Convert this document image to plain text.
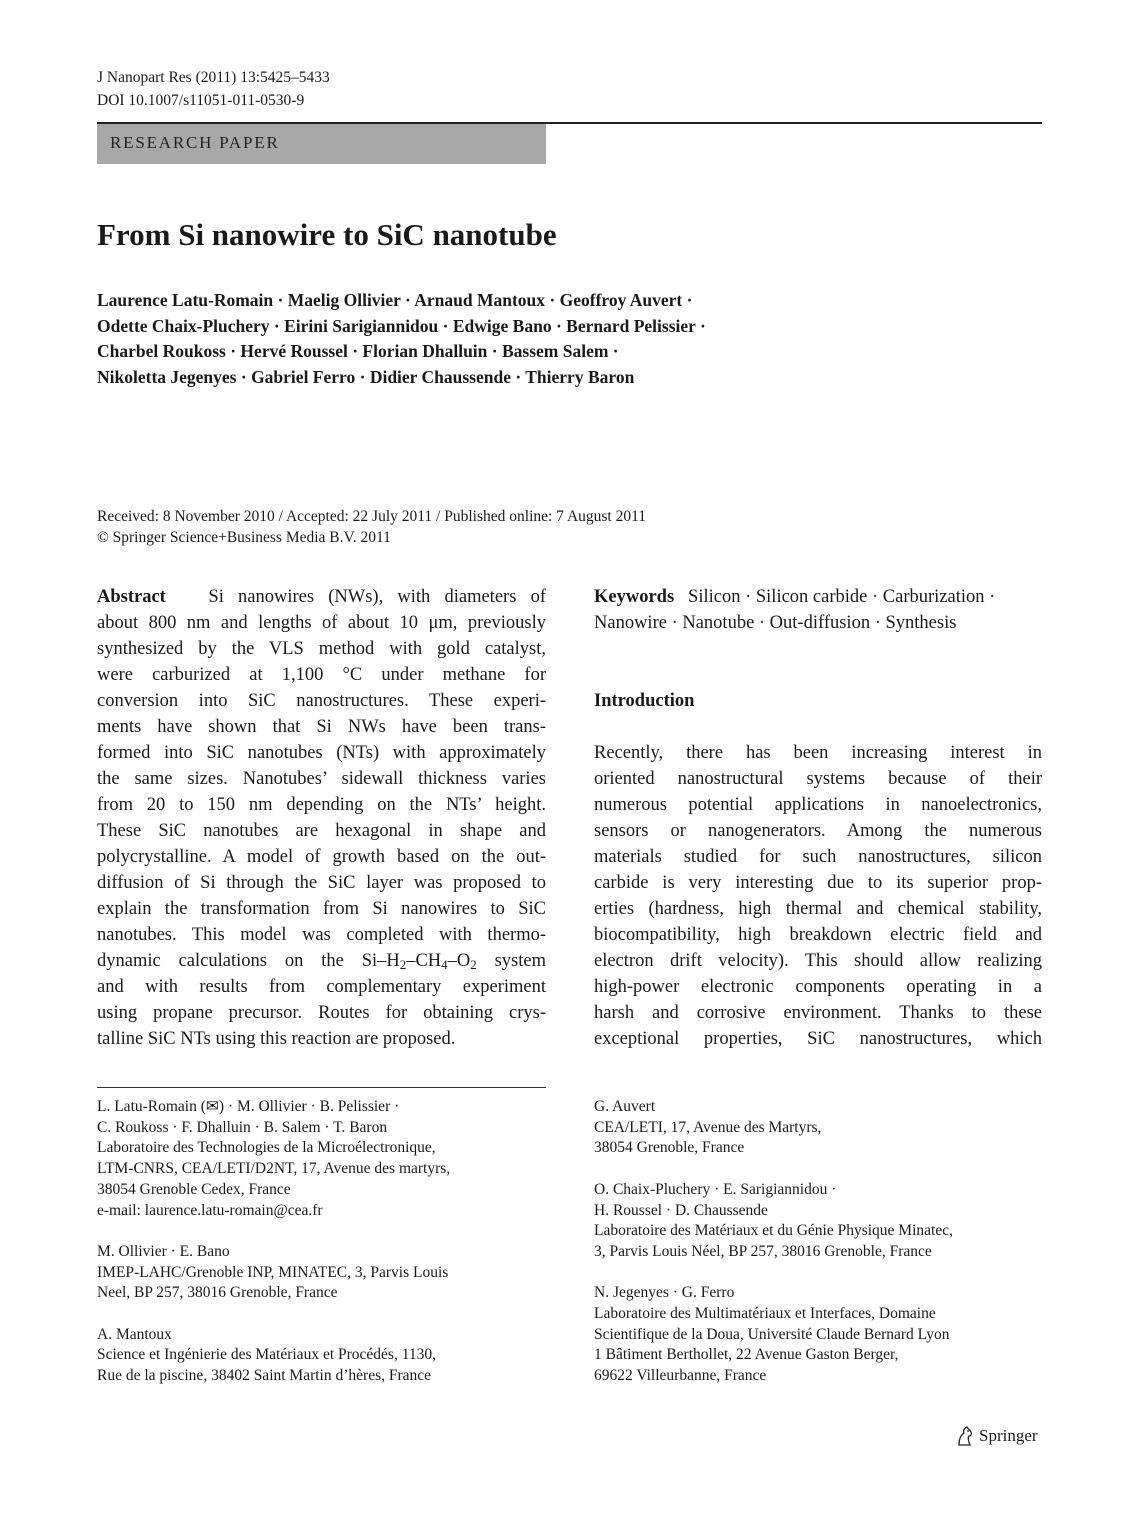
J Nanopart Res (2011) 13:5425–5433
DOI 10.1007/s11051-011-0530-9
RESEARCH PAPER
From Si nanowire to SiC nanotube
Laurence Latu-Romain · Maelig Ollivier · Arnaud Mantoux · Geoffroy Auvert ·
Odette Chaix-Pluchery · Eirini Sarigiannidou · Edwige Bano · Bernard Pelissier ·
Charbel Roukoss · Hervé Roussel · Florian Dhalluin · Bassem Salem ·
Nikoletta Jegenyes · Gabriel Ferro · Didier Chaussende · Thierry Baron
Received: 8 November 2010 / Accepted: 22 July 2011 / Published online: 7 August 2011
© Springer Science+Business Media B.V. 2011
Abstract Si nanowires (NWs), with diameters of
about 800 nm and lengths of about 10 μm, previously
synthesized by the VLS method with gold catalyst,
were carburized at 1,100 °C under methane for
conversion into SiC nanostructures. These experi-
ments have shown that Si NWs have been trans-
formed into SiC nanotubes (NTs) with approximately
the same sizes. Nanotubes’ sidewall thickness varies
from 20 to 150 nm depending on the NTs’ height.
These SiC nanotubes are hexagonal in shape and
polycrystalline. A model of growth based on the out-
diffusion of Si through the SiC layer was proposed to
explain the transformation from Si nanowires to SiC
nanotubes. This model was completed with thermo-
dynamic calculations on the $Si-H_2-CH_4-O_2$ system
and with results from complementary experiment
using propane precursor. Routes for obtaining crys-
talline SiC NTs using this reaction are proposed.
Keywords Silicon · Silicon carbide · Carburization ·
Nanowire · Nanotube · Out-diffusion · Synthesis
Introduction
Recently, there has been increasing interest in
oriented nanostructural systems because of their
numerous potential applications in nanoelectronics,
sensors or nanogenerators. Among the numerous
materials studied for such nanostructures, silicon
carbide is very interesting due to its superior prop-
erties (hardness, high thermal and chemical stability,
biocompatibility, high breakdown electric field and
electron drift velocity). This should allow realizing
high-power electronic components operating in a
harsh and corrosive environment. Thanks to these
exceptional properties, SiC nanostructures, which
L. Latu-Romain (✉) · M. Ollivier · B. Pelissier ·
C. Roukoss · F. Dhalluin · B. Salem · T. Baron
Laboratoire des Technologies de la Microélectronique,
LTM-CNRS, CEA/LETI/D2NT, 17, Avenue des martyrs,
38054 Grenoble Cedex, France
e-mail: laurence.latu-romain@cea.fr
M. Ollivier · E. Bano
IMEP-LAHC/Grenoble INP, MINATEC, 3, Parvis Louis
Neel, BP 257, 38016 Grenoble, France
A. Mantoux
Science et Ingénierie des Matériaux et Procédés, 1130,
Rue de la piscine, 38402 Saint Martin d’hères, France
G. Auvert
CEA/LETI, 17, Avenue des Martyrs,
38054 Grenoble, France
O. Chaix-Pluchery · E. Sarigiannidou ·
H. Roussel · D. Chaussende
Laboratoire des Matériaux et du Génie Physique Minatec,
3, Parvis Louis Néel, BP 257, 38016 Grenoble, France
N. Jegenyes · G. Ferro
Laboratoire des Multimatériaux et Interfaces, Domaine
Scientifique de la Doua, Université Claude Bernard Lyon
1 Bâtiment Berthollet, 22 Avenue Gaston Berger,
69622 Villeurbanne, France
Springer
